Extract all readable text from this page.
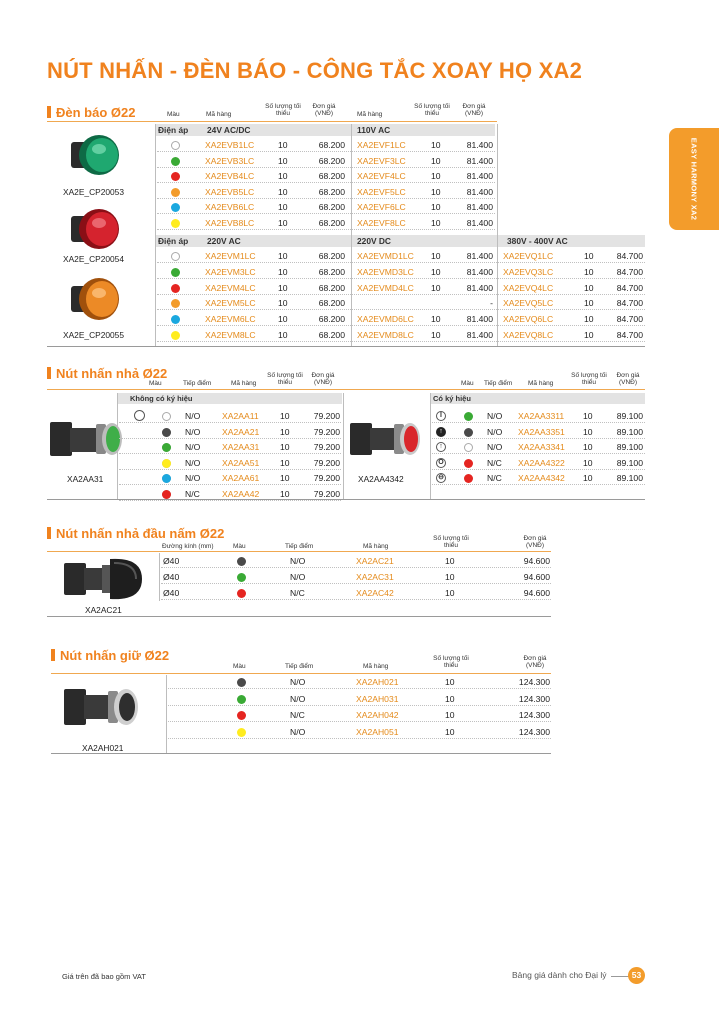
NÚT NHẤN - ĐÈN BÁO - CÔNG TẮC XOAY HỌ XA2
EASY HARMONY XA2
Đèn báo Ø22	Màu	Mã hàng
Số lượng tối thiểu
Đơn giá (VNĐ)	Mã hàng
Số lượng tối thiểu
Đơn giá (VNĐ)
XA2E_CP20053
XA2E_CP20054
XA2E_CP20055
Điện áp 24V AC/DC	110V AC
Điện áp 220V AC	220V DC	380V - 400V AC
XA2EVB1LC	10	68.200 XA2EVF1LC	10	81.400
XA2EVB3LC	10	68.200 XA2EVF3LC	10	81.400
XA2EVB4LC	10	68.200 XA2EVF4LC	10	81.400
XA2EVB5LC	10	68.200 XA2EVF5LC	10	81.400
XA2EVB6LC	10	68.200 XA2EVF6LC	10	81.400
XA2EVB8LC	10	68.200 XA2EVF8LC	10	81.400
XA2EVM1LC	10	68.200 XA2EVMD1LC 10	81.400 XA2EVQ1LC	10	84.700
XA2EVM3LC	10	68.200 XA2EVMD3LC 10	81.400 XA2EVQ3LC	10	84.700
XA2EVM4LC	10	68.200 XA2EVMD4LC 10	81.400 XA2EVQ4LC	10	84.700
XA2EVM5LC	10	68.200	- XA2EVQ5LC	10	84.700
XA2EVM6LC	10	68.200 XA2EVMD6LC 10	81.400 XA2EVQ6LC	10	84.700
XA2EVM8LC	10	68.200 XA2EVMD8LC 10	81.400 XA2EVQ8LC	10	84.700
Nút nhấn nhả Ø22
Màu	Tiếp điểm	Mã hàng
Số lượng tối thiểu
Đơn giá (VNĐ)	Màu Tiếp điểm Mã hàng
Số lượng tối thiểu
Đơn giá (VNĐ)
Không có ký hiệu	Có ký hiệu
XA2AA31	XA2AA4342
N/O	XA2AA11 10	79.200
N/O	XA2AA21 10	79.200
N/O	XA2AA31 10	79.200
N/O	XA2AA51 10	79.200
N/O	XA2AA61 10	79.200
N/C	XA2AA42 10	79.200
I	N/O XA2AA3311 10	89.100
↑	N/O XA2AA3351 10	89.100
↑	N/O XA2AA3341 10	89.100
O	N/C XA2AA4322 10	89.100
⊖	N/C XA2AA4342 10	89.100
Nút nhấn nhả đầu nấm Ø22
Đường kính (mm)	Màu	Tiếp điểm	Mã hàng
Số lượng tối thiểu
Đơn giá (VNĐ)
XA2AC21
Ø40	N/O	XA2AC21	10	94.600
Ø40	N/O	XA2AC31	10	94.600
Ø40	N/C	XA2AC42	10	94.600
Nút nhấn giữ Ø22
Màu	Tiếp điểm	Mã hàng
Số lượng tối thiểu
Đơn giá (VNĐ)
XA2AH021
N/O	XA2AH021	10	124.300
N/O	XA2AH031	10	124.300
N/C	XA2AH042	10	124.300
N/O	XA2AH051	10	124.300
Giá trên đã bao gồm VAT	Bảng giá dành cho Đại lý	53
